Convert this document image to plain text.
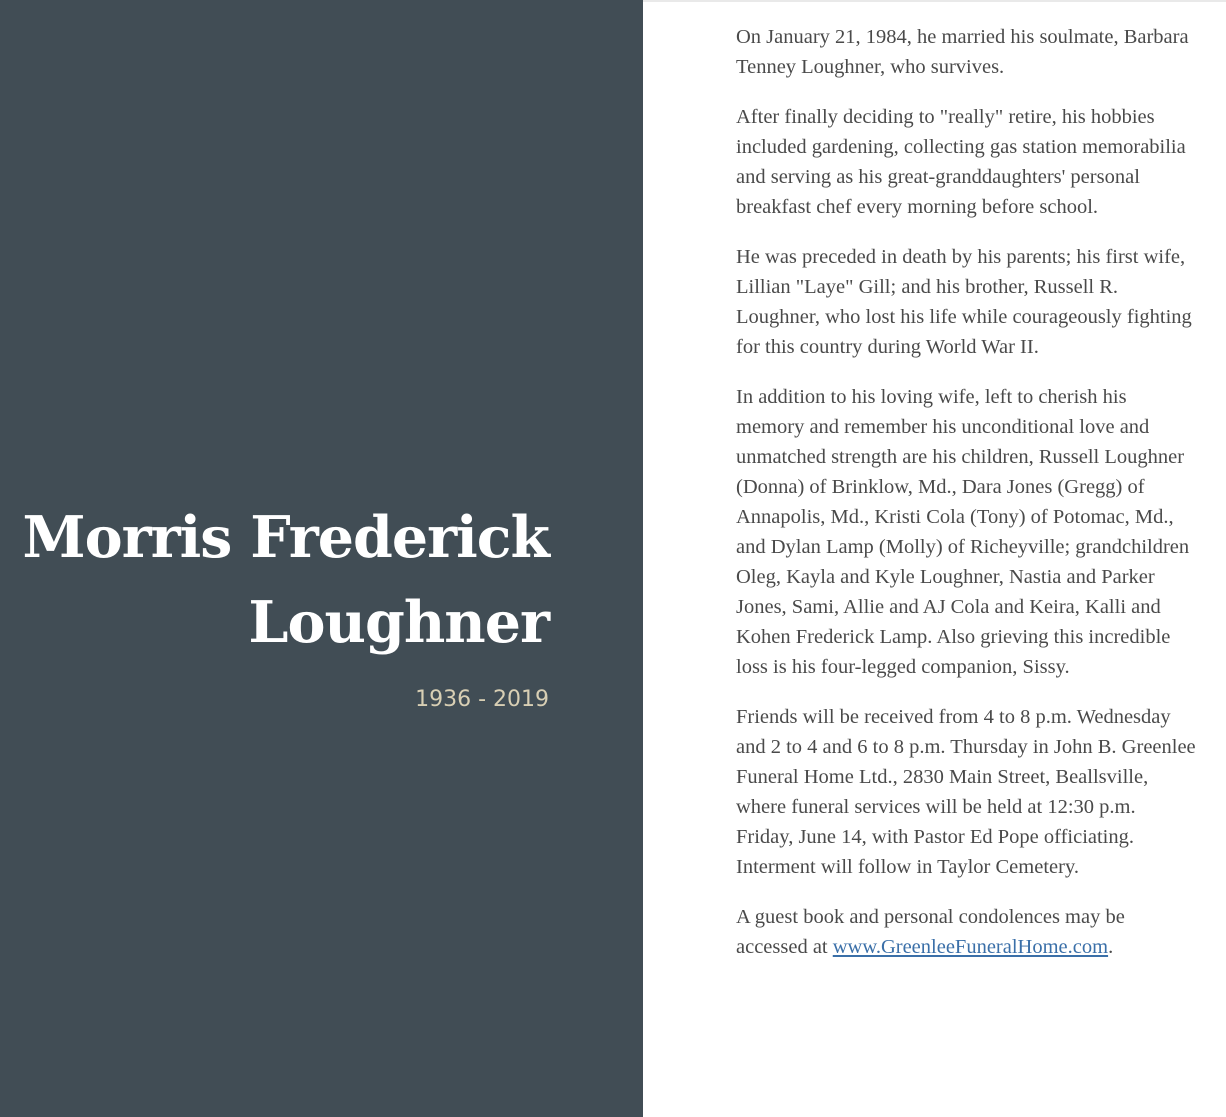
Morris Frederick
Loughner
1936 - 2019

On January 21, 1984, he married his soulmate, Barbara Tenney Loughner, who survives.

After finally deciding to "really" retire, his hobbies included gardening, collecting gas station memorabilia and serving as his great-granddaughters' personal breakfast chef every morning before school.

He was preceded in death by his parents; his first wife, Lillian "Laye" Gill; and his brother, Russell R. Loughner, who lost his life while courageously fighting for this country during World War II.

In addition to his loving wife, left to cherish his memory and remember his unconditional love and unmatched strength are his children, Russell Loughner (Donna) of Brinklow, Md., Dara Jones (Gregg) of Annapolis, Md., Kristi Cola (Tony) of Potomac, Md., and Dylan Lamp (Molly) of Richeyville; grandchildren Oleg, Kayla and Kyle Loughner, Nastia and Parker Jones, Sami, Allie and AJ Cola and Keira, Kalli and Kohen Frederick Lamp. Also grieving this incredible loss is his four-legged companion, Sissy.

Friends will be received from 4 to 8 p.m. Wednesday and 2 to 4 and 6 to 8 p.m. Thursday in John B. Greenlee Funeral Home Ltd., 2830 Main Street, Beallsville, where funeral services will be held at 12:30 p.m. Friday, June 14, with Pastor Ed Pope officiating. Interment will follow in Taylor Cemetery.

A guest book and personal condolences may be accessed at www.GreenleeFuneralHome.com.
